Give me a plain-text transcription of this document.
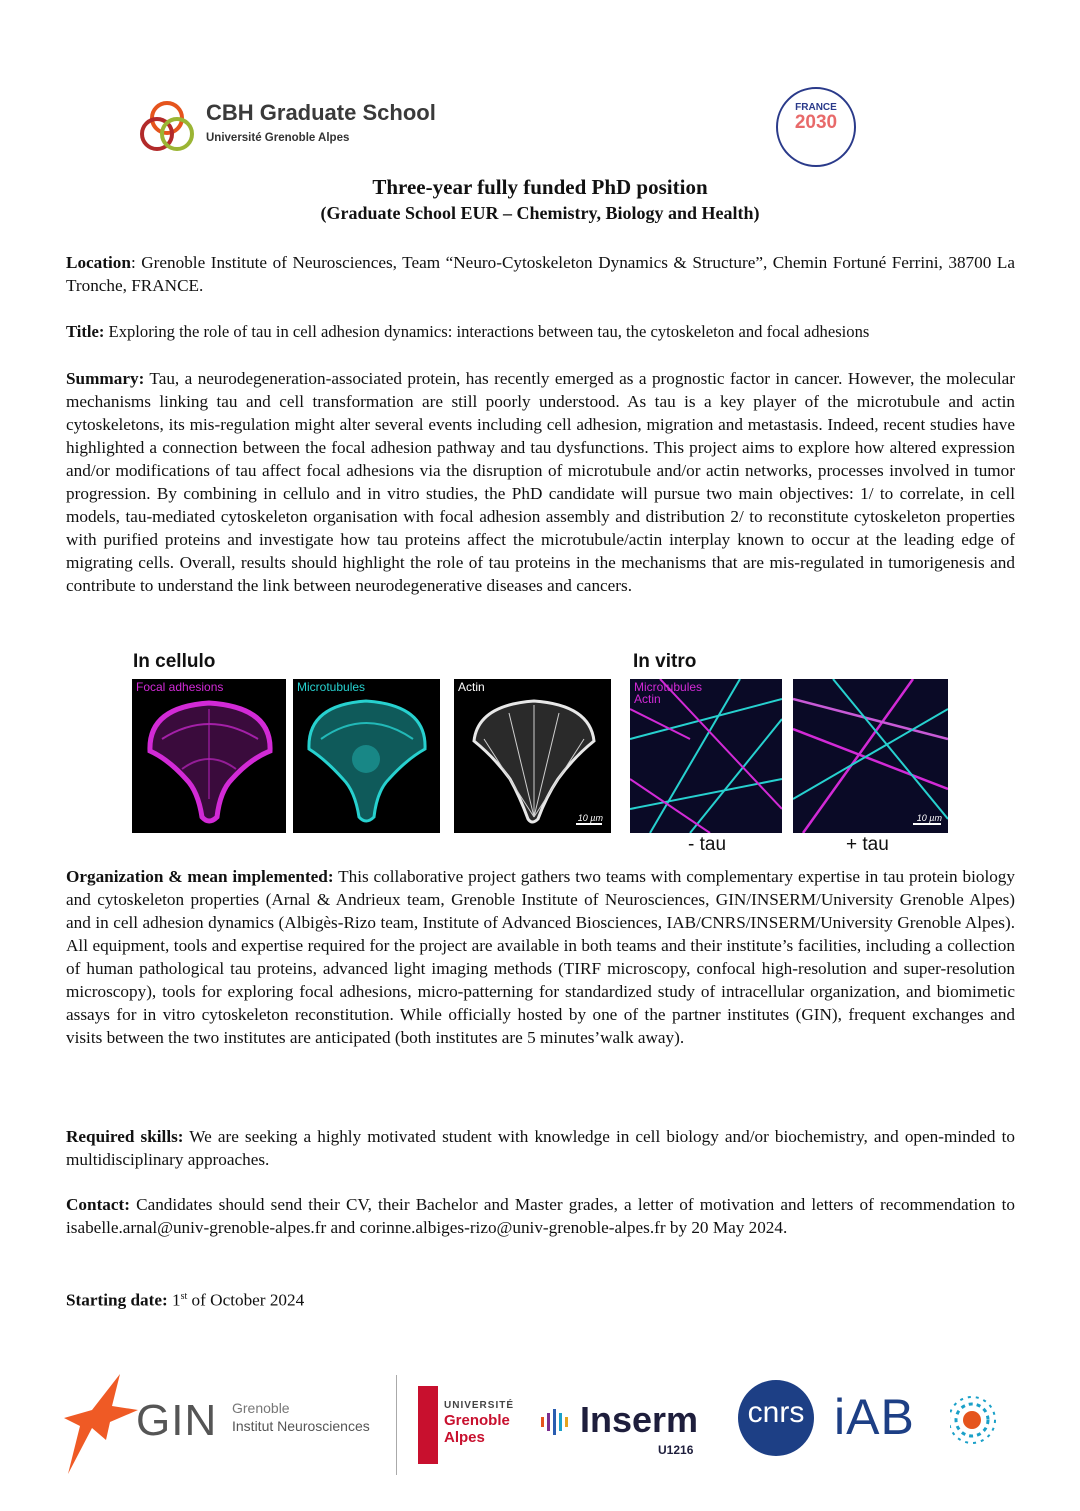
CBH Graduate School
Université Grenoble Alpes
FRANCE
2030
Three-year fully funded PhD position
(Graduate School EUR – Chemistry, Biology and Health)
Location: Grenoble Institute of Neurosciences, Team “Neuro-Cytoskeleton Dynamics & Structure”, Chemin Fortuné Ferrini, 38700 La Tronche, FRANCE.
Title: Exploring the role of tau in cell adhesion dynamics: interactions between tau, the cytoskeleton and focal adhesions
Summary: Tau, a neurodegeneration-associated protein, has recently emerged as a prognostic factor in cancer. However, the molecular mechanisms linking tau and cell transformation are still poorly understood. As tau is a key player of the microtubule and actin cytoskeletons, its mis-regulation might alter several events including cell adhesion, migration and metastasis. Indeed, recent studies have highlighted a connection between the focal adhesion pathway and tau dysfunctions. This project aims to explore how altered expression and/or modifications of tau affect focal adhesions via the disruption of microtubule and/or actin networks, processes involved in tumor progression. By combining in cellulo and in vitro studies, the PhD candidate will pursue two main objectives: 1/ to correlate, in cell models, tau-mediated cytoskeleton organisation with focal adhesion assembly and distribution 2/ to reconstitute cytoskeleton properties with purified proteins and investigate how tau proteins affect the microtubule/actin interplay known to occur at the leading edge of migrating cells. Overall, results should highlight the role of tau proteins in the mechanisms that are mis-regulated in tumorigenesis and contribute to understand the link between neurodegenerative diseases and cancers.
In cellulo	In vitro
Focal adhesions	Microtubules	Actin
10 µm
Microtubules
Actin
10 µm
- tau	+ tau
Organization & mean implemented: This collaborative project gathers two teams with complementary expertise in tau protein biology and cytoskeleton properties (Arnal & Andrieux team, Grenoble Institute of Neurosciences, GIN/INSERM/University Grenoble Alpes) and in cell adhesion dynamics (Albigès-Rizo team, Institute of Advanced Biosciences, IAB/CNRS/INSERM/University Grenoble Alpes). All equipment, tools and expertise required for the project are available in both teams and their institute’s facilities, including a collection of human pathological tau proteins, advanced light imaging methods (TIRF microscopy, confocal high-resolution and super-resolution microscopy), tools for exploring focal adhesions, micro-patterning for standardized study of intracellular organization, and biomimetic assays for in vitro cytoskeleton reconstitution. While officially hosted by one of the partner institutes (GIN), frequent exchanges and visits between the two institutes are anticipated (both institutes are 5 minutes’walk away).
Required skills: We are seeking a highly motivated student with knowledge in cell biology and/or biochemistry, and open-minded to multidisciplinary approaches.
Contact: Candidates should send their CV, their Bachelor and Master grades, a letter of motivation and letters of recommendation to isabelle.arnal@univ-grenoble-alpes.fr and corinne.albiges-rizo@univ-grenoble-alpes.fr by 20 May 2024.
Starting date: 1st of October 2024
GIN Grenoble
Institut Neurosciences
UNIVERSITÉ
Grenoble
Alpes	Inserm
U1216
cnrs iAB
